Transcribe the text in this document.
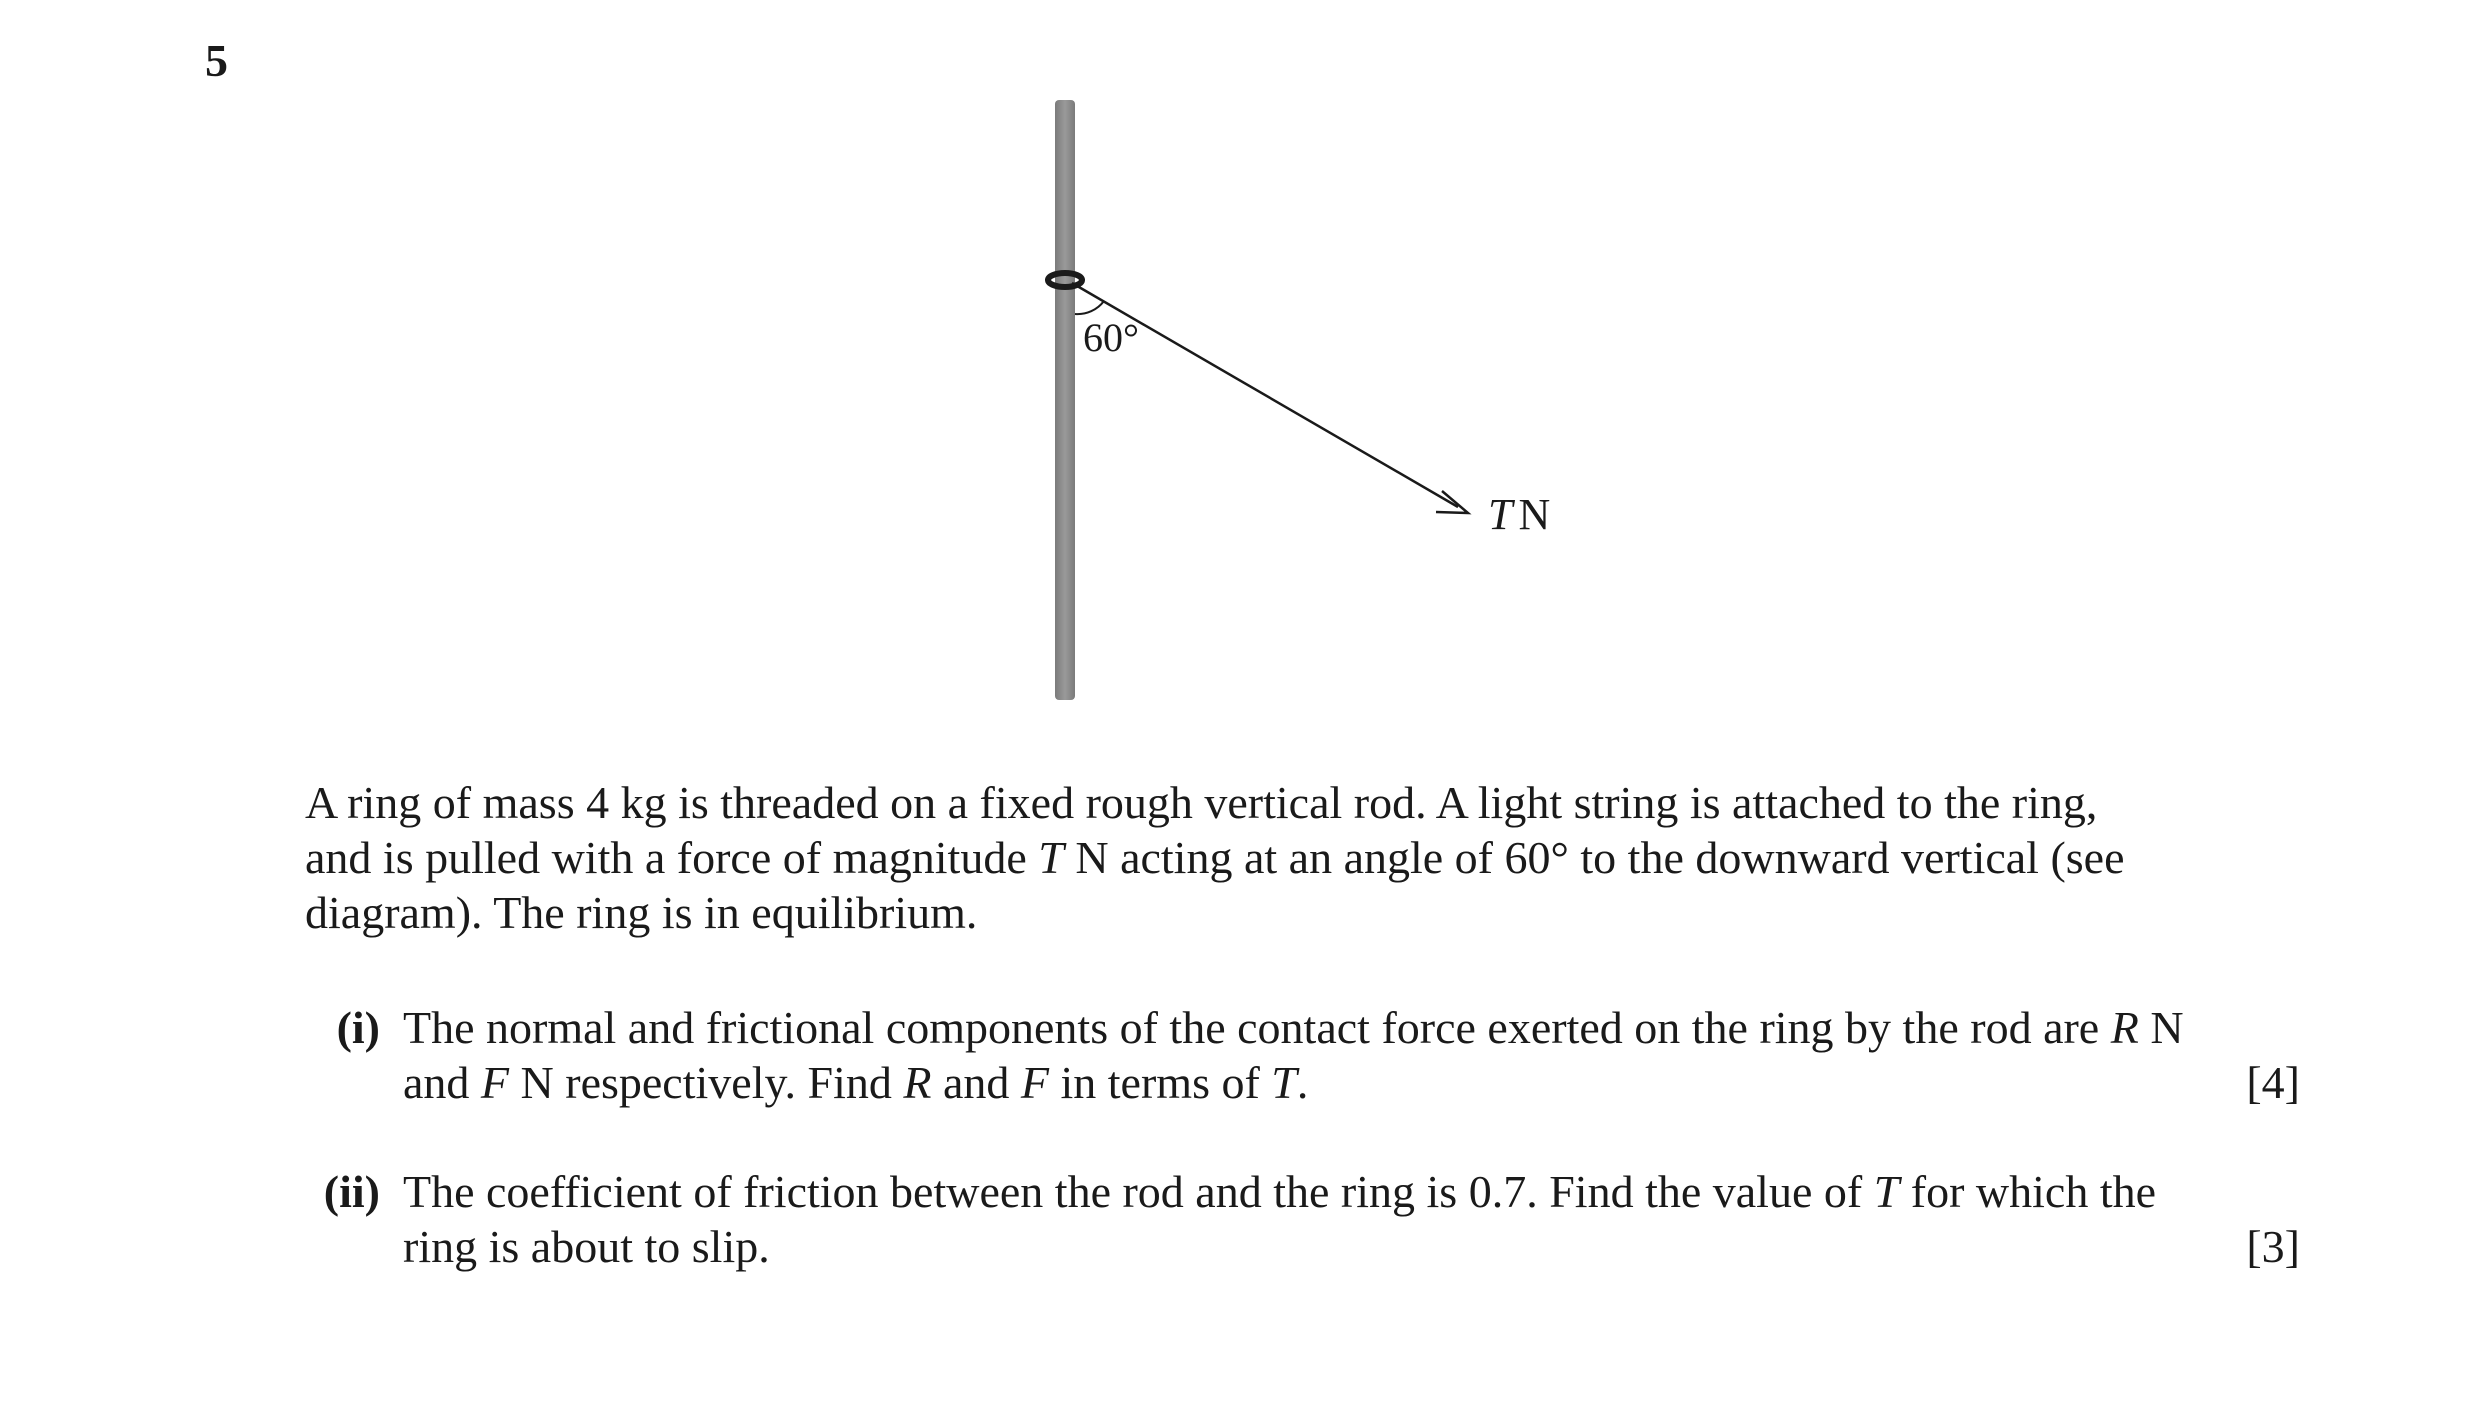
5
60°
T N
A ring of mass 4 kg is threaded on a fixed rough vertical rod. A light string is attached to the ring,
and is pulled with a force of magnitude T N acting at an angle of 60° to the downward vertical (see
diagram). The ring is in equilibrium.
(i) The normal and frictional components of the contact force exerted on the ring by the rod are R N
and F N respectively. Find R and F in terms of T.	[4]
(ii) The coefficient of friction between the rod and the ring is 0.7. Find the value of T for which the
ring is about to slip.	[3]
